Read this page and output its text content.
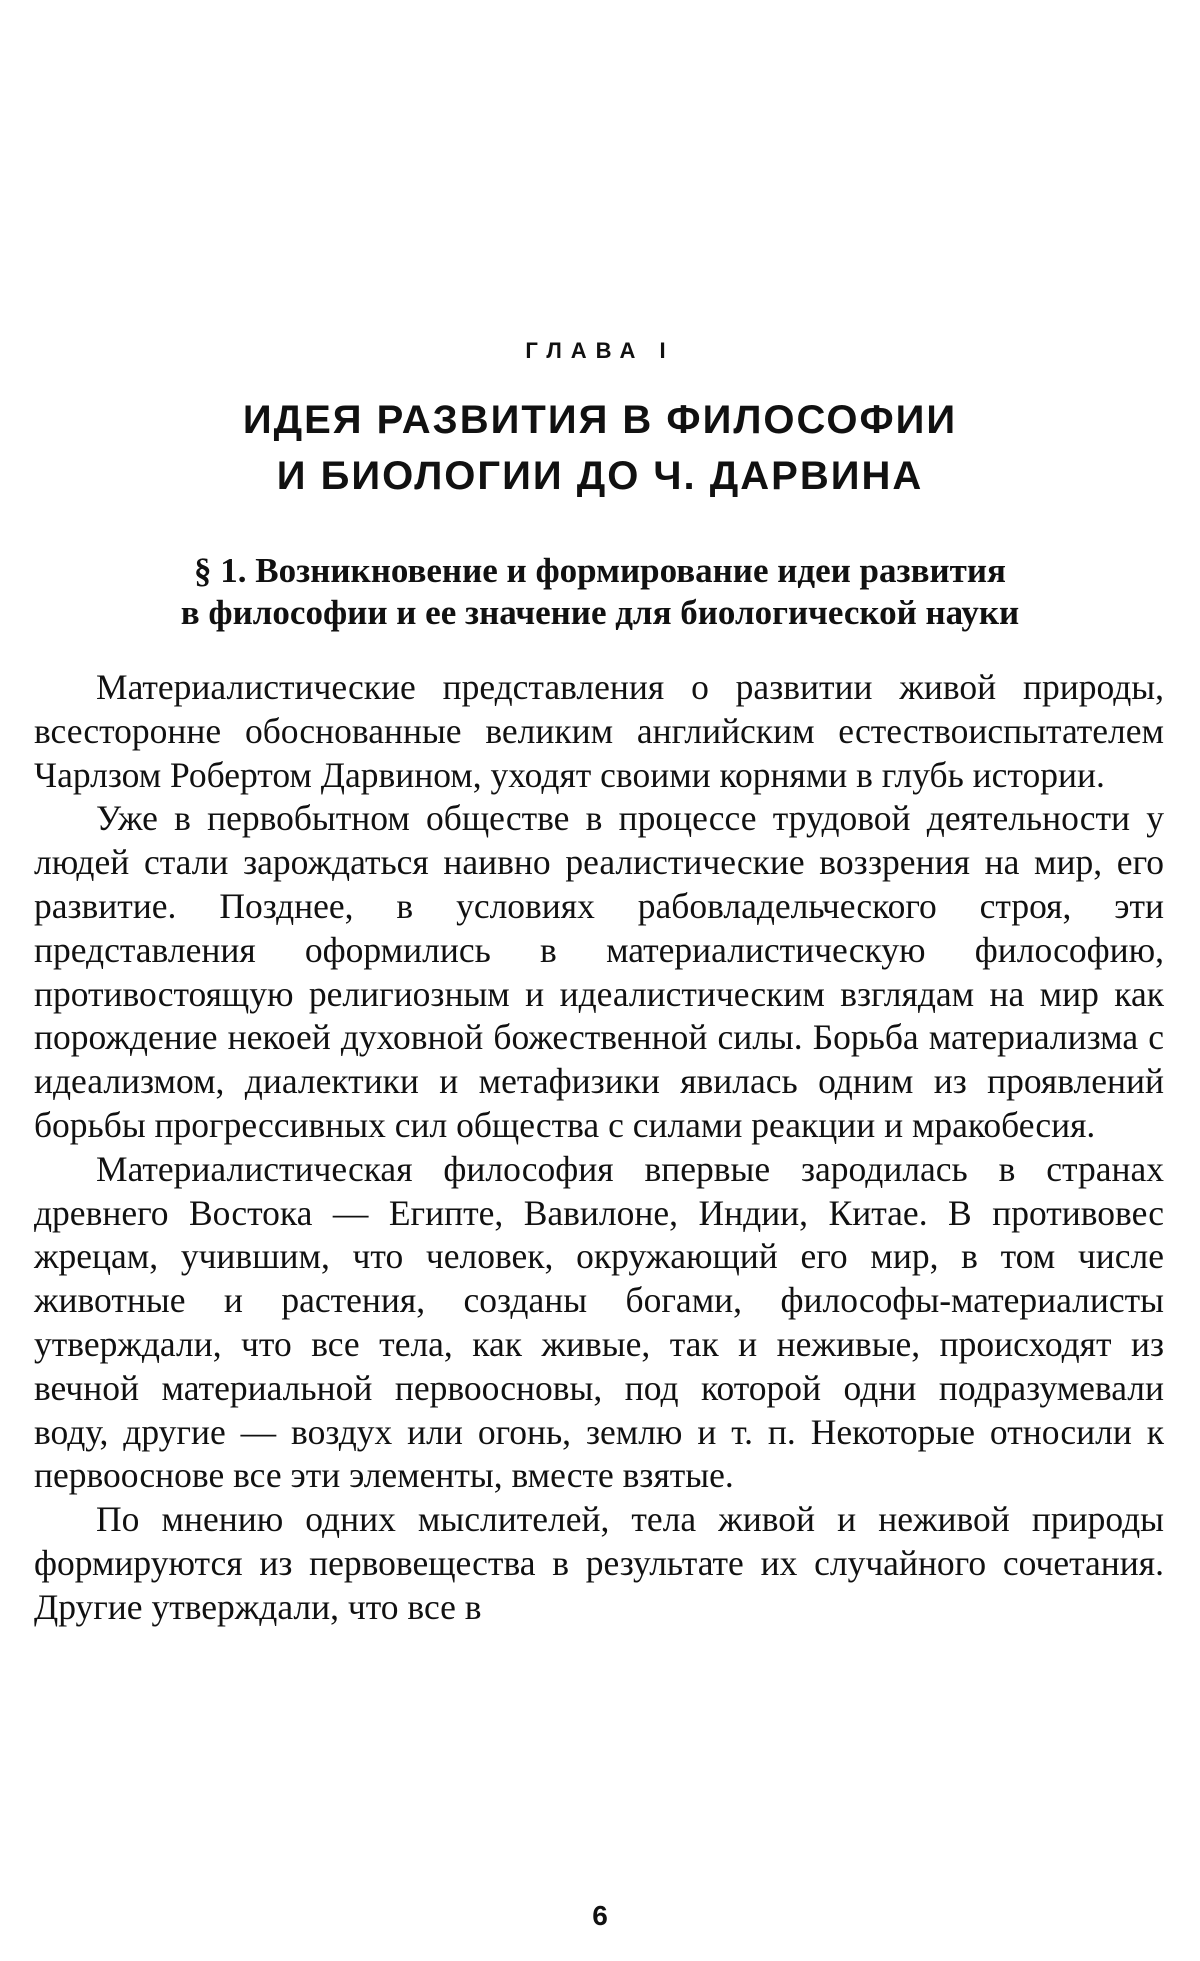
ГЛАВА I
ИДЕЯ РАЗВИТИЯ В ФИЛОСОФИИ
И БИОЛОГИИ ДО Ч. ДАРВИНА
§ 1. Возникновение и формирование идеи развития
в философии и ее значение для биологической науки

Материалистические представления о развитии живой природы, всесторонне обоснованные великим английским естествоиспытателем Чарлзом Робертом Дарвином, уходят своими корнями в глубь истории.

Уже в первобытном обществе в процессе трудовой деятельности у людей стали зарождаться наивно реалистические воззрения на мир, его развитие. Позднее, в условиях рабовладельческого строя, эти представления оформились в материалистическую философию, противостоящую религиозным и идеалистическим взглядам на мир как порождение некоей духовной божественной силы. Борьба материализма с идеализмом, диалектики и метафизики явилась одним из проявлений борьбы прогрессивных сил общества с силами реакции и мракобесия.

Материалистическая философия впервые зародилась в странах древнего Востока — Египте, Вавилоне, Индии, Китае. В противовес жрецам, учившим, что человек, окружающий его мир, в том числе животные и растения, созданы богами, философы-материалисты утверждали, что все тела, как живые, так и неживые, происходят из вечной материальной первоосновы, под которой одни подразумевали воду, другие — воздух или огонь, землю и т. п. Некоторые относили к первооснове все эти элементы, вместе взятые.

По мнению одних мыслителей, тела живой и неживой природы формируются из первовещества в результате их случайного сочетания. Другие утверждали, что все в

6
